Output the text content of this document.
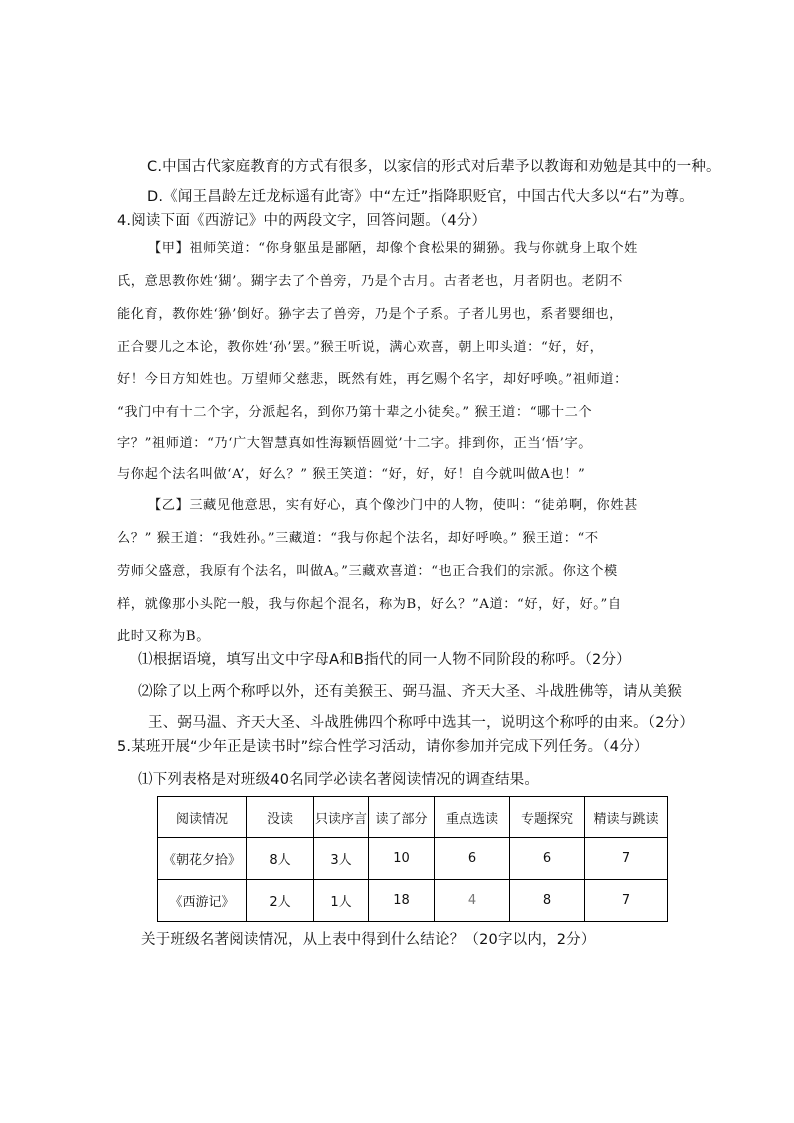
C.中国古代家庭教育的方式有很多，以家信的形式对后辈予以教诲和劝勉是其中的一种。
D.《闻王昌龄左迁龙标遥有此寄》中“左迁”指降职贬官，中国古代大多以“右”为尊。
4.阅读下面《西游记》中的两段文字，回答问题。（4分）
【甲】祖师笑道：“你身躯虽是鄙陋，却像个食松果的猢狲。我与你就身上取个姓
氏，意思教你姓‘猢’。猢字去了个兽旁，乃是个古月。古者老也，月者阴也。老阴不
能化育，教你姓‘狲’倒好。狲字去了兽旁，乃是个子系。子者儿男也，系者婴细也，
正合婴儿之本论，教你姓‘孙’罢。”猴王听说，满心欢喜，朝上叩头道：“好，好，
好！今日方知姓也。万望师父慈悲，既然有姓，再乞赐个名字，却好呼唤。”祖师道：
“我门中有十二个字，分派起名，到你乃第十辈之小徒矣。” 猴王道：“哪十二个
字？”祖师道：“乃‘广大智慧真如性海颖悟圆觉’十二字。排到你，正当‘悟’字。
与你起个法名叫做‘A’，好么？” 猴王笑道：“好，好，好！自今就叫做A也！”
【乙】三藏见他意思，实有好心，真个像沙门中的人物，使叫：“徒弟啊，你姓甚
么？” 猴王道：“我姓孙。”三藏道：“我与你起个法名，却好呼唤。” 猴王道：“不
劳师父盛意，我原有个法名，叫做A。”三藏欢喜道：“也正合我们的宗派。你这个模
样，就像那小头陀一般，我与你起个混名，称为B，好么？”A道：“好，好，好。”自
此时又称为B。
⑴根据语境，填写出文中字母A和B指代的同一人物不同阶段的称呼。（2分）
⑵除了以上两个称呼以外，还有美猴王、弼马温、齐天大圣、斗战胜佛等，请从美猴
王、弼马温、齐天大圣、斗战胜佛四个称呼中选其一，说明这个称呼的由来。（2分）
5.某班开展“少年正是读书时”综合性学习活动，请你参加并完成下列任务。（4分）
⑴下列表格是对班级40名同学必读名著阅读情况的调查结果。
阅读情况	没读	只读序言	读了部分	重点选读	专题探究	精读与跳读
《朝花夕拾》	8人	3人	10	6	6	7
《西游记》	2人	1人	18	4	8	7
关于班级名著阅读情况，从上表中得到什么结论？（20字以内，2分）
